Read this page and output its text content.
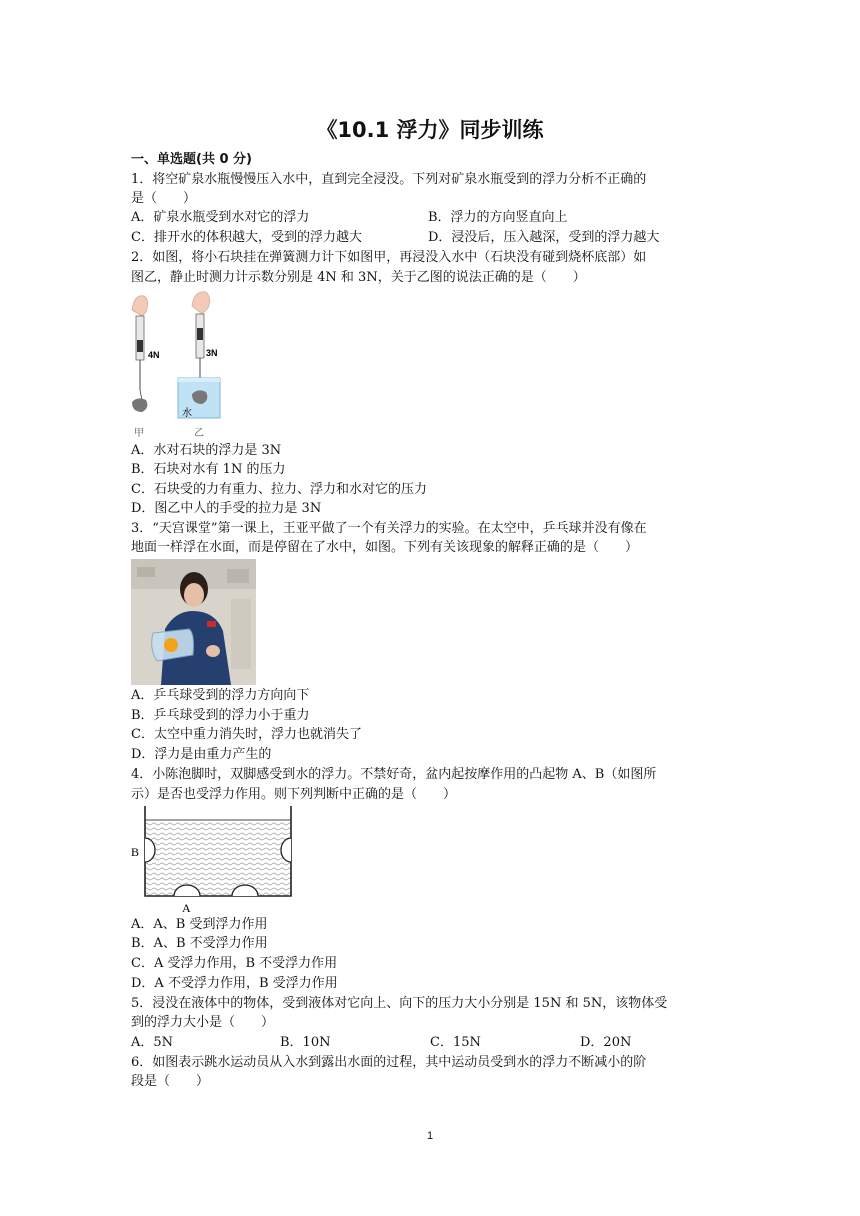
《10.1 浮力》同步训练
一、单选题(共 0 分)
1．将空矿泉水瓶慢慢压入水中，直到完全浸没。下列对矿泉水瓶受到的浮力分析不正确的
是（　　）
A．矿泉水瓶受到水对它的浮力	B．浮力的方向竖直向上
C．排开水的体积越大，受到的浮力越大	D．浸没后，压入越深，受到的浮力越大
2．如图，将小石块挂在弹簧测力计下如图甲，再浸没入水中（石块没有碰到烧杯底部）如
图乙，静止时测力计示数分别是 4N 和 3N，关于乙图的说法正确的是（　　）
4N	3N
水
甲	乙
A．水对石块的浮力是 3N
B．石块对水有 1N 的压力
C．石块受的力有重力、拉力、浮力和水对它的压力
D．图乙中人的手受的拉力是 3N
3．“天宫课堂”第一课上，王亚平做了一个有关浮力的实验。在太空中，乒乓球并没有像在
地面一样浮在水面，而是停留在了水中，如图。下列有关该现象的解释正确的是（　　）
A．乒乓球受到的浮力方向向下
B．乒乓球受到的浮力小于重力
C．太空中重力消失时，浮力也就消失了
D．浮力是由重力产生的
4．小陈泡脚时，双脚感受到水的浮力。不禁好奇，盆内起按摩作用的凸起物 A、B（如图所
示）是否也受浮力作用。则下列判断中正确的是（　　）
B
A
A．A、B 受到浮力作用
B．A、B 不受浮力作用
C．A 受浮力作用，B 不受浮力作用
D．A 不受浮力作用，B 受浮力作用
5．浸没在液体中的物体，受到液体对它向上、向下的压力大小分别是 15N 和 5N，该物体受
到的浮力大小是（　　）
A．5N	B．10N	C．15N	D．20N
6．如图表示跳水运动员从入水到露出水面的过程，其中运动员受到水的浮力不断减小的阶
段是（　　）
1
